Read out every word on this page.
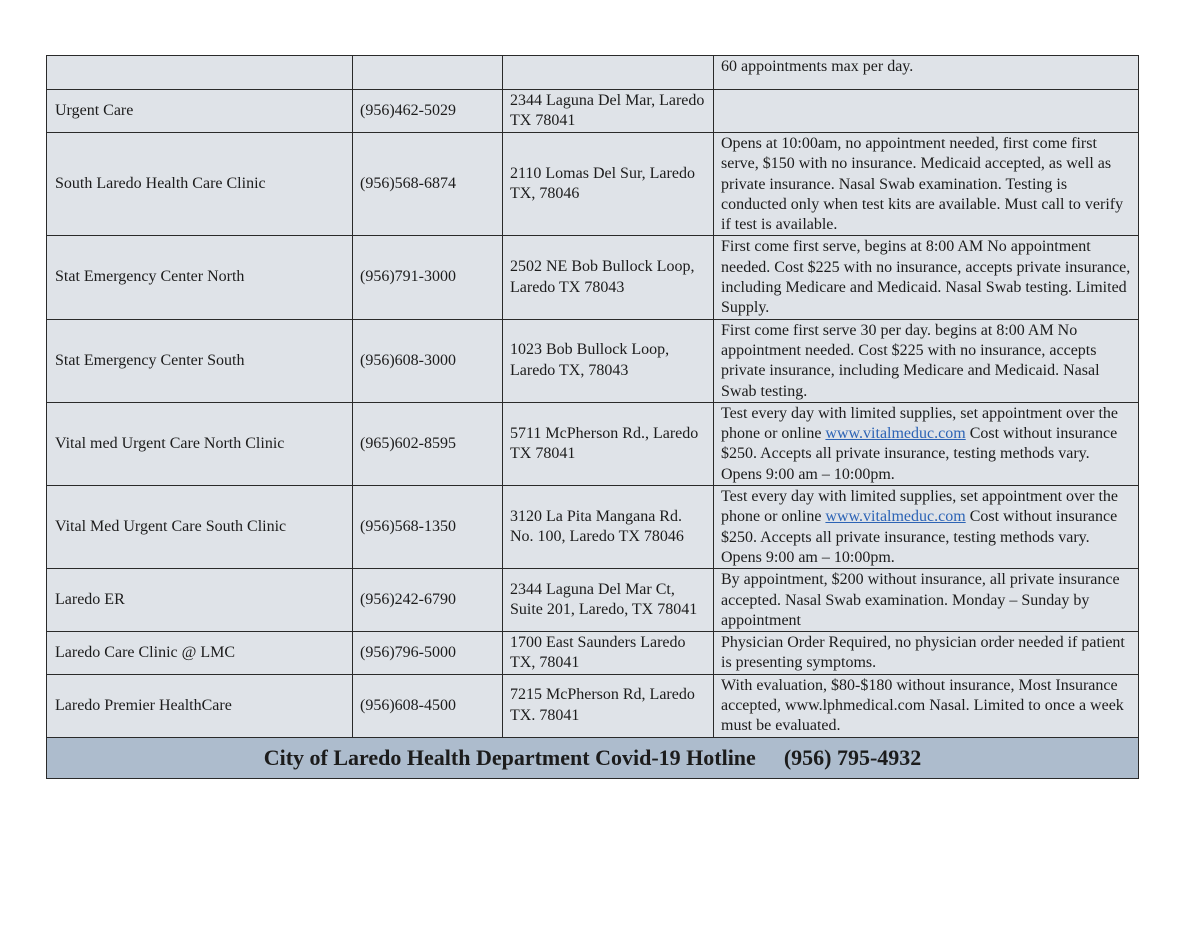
			60 appointments max per day.
Urgent Care	(956)462-5029	2344 Laguna Del Mar, Laredo TX 78041	
South Laredo Health Care Clinic	(956)568-6874	2110 Lomas Del Sur, Laredo TX, 78046	Opens at 10:00am, no appointment needed, first come first serve, $150 with no insurance. Medicaid accepted, as well as private insurance. Nasal Swab examination. Testing is conducted only when test kits are available. Must call to verify if test is available.
Stat Emergency Center North	(956)791-3000	2502 NE Bob Bullock Loop, Laredo TX 78043	First come first serve, begins at 8:00 AM No appointment needed. Cost $225 with no insurance, accepts private insurance, including Medicare and Medicaid. Nasal Swab testing. Limited Supply.
Stat Emergency Center South	(956)608-3000	1023 Bob Bullock Loop, Laredo TX, 78043	First come first serve 30 per day. begins at 8:00 AM No appointment needed. Cost $225 with no insurance, accepts private insurance, including Medicare and Medicaid. Nasal Swab testing.
Vital med Urgent Care North Clinic	(965)602-8595	5711 McPherson Rd., Laredo TX 78041	Test every day with limited supplies, set appointment over the phone or online www.vitalmeduc.com Cost without insurance $250. Accepts all private insurance, testing methods vary. Opens 9:00 am – 10:00pm.
Vital Med Urgent Care South Clinic	(956)568-1350	3120 La Pita Mangana Rd. No. 100, Laredo TX 78046	Test every day with limited supplies, set appointment over the phone or online www.vitalmeduc.com Cost without insurance $250. Accepts all private insurance, testing methods vary. Opens 9:00 am – 10:00pm.
Laredo ER	(956)242-6790	2344 Laguna Del Mar Ct, Suite 201, Laredo, TX 78041	By appointment, $200 without insurance, all private insurance accepted. Nasal Swab examination. Monday – Sunday by appointment
Laredo Care Clinic @ LMC	(956)796-5000	1700 East Saunders Laredo TX, 78041	Physician Order Required, no physician order needed if patient is presenting symptoms.
Laredo Premier HealthCare	(956)608-4500	7215 McPherson Rd, Laredo TX. 78041	With evaluation, $80-$180 without insurance, Most Insurance accepted, www.lphmedical.com Nasal. Limited to once a week must be evaluated.
City of Laredo Health Department Covid-19 Hotline (956) 795-4932			
